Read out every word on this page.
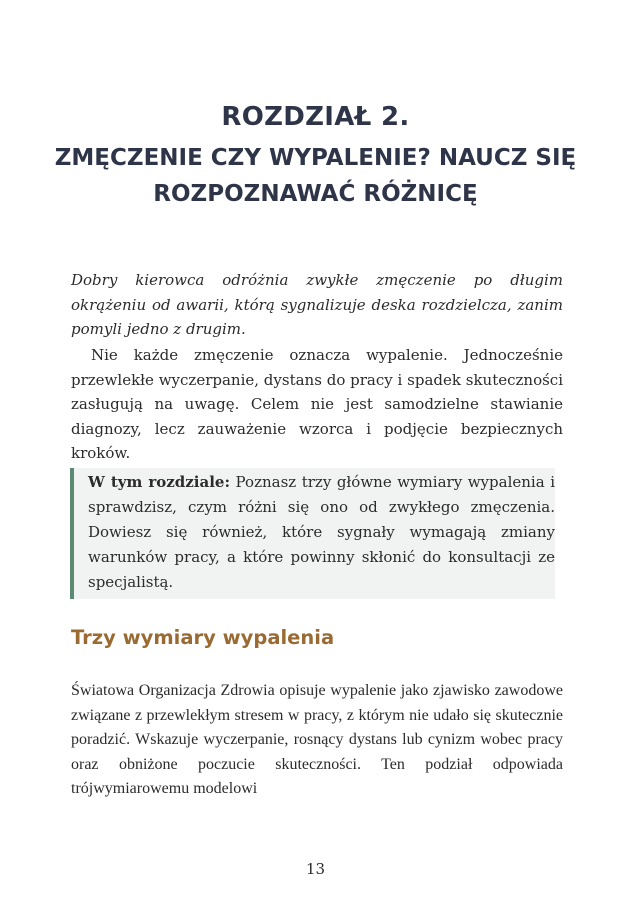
ROZDZIAŁ 2.
ZMĘCZENIE CZY WYPALENIE? NAUCZ SIĘ ROZPOZNAWAĆ RÓŻNICĘ

Dobry kierowca odróżnia zwykłe zmęczenie po długim okrążeniu od awarii, którą sygnalizuje deska rozdzielcza, zanim pomyli jedno z drugim.

Nie każde zmęczenie oznacza wypalenie. Jednocześnie przewlekłe wyczerpanie, dystans do pracy i spadek skuteczności zasługują na uwagę. Celem nie jest samodzielne stawianie diagnozy, lecz zauważenie wzorca i podjęcie bezpiecznych kroków.

W tym rozdziale: Poznasz trzy główne wymiary wypalenia i sprawdzisz, czym różni się ono od zwykłego zmęczenia. Dowiesz się również, które sygnały wymagają zmiany warunków pracy, a które powinny skłonić do konsultacji ze specjalistą.
Trzy wymiary wypalenia

Światowa Organizacja Zdrowia opisuje wypalenie jako zjawisko zawodowe związane z przewlekłym stresem w pracy, z którym nie udało się skutecznie poradzić. Wskazuje wyczerpanie, rosnący dystans lub cynizm wobec pracy oraz obniżone poczucie skuteczności. Ten podział odpowiada trójwymiarowemu modelowi

13
